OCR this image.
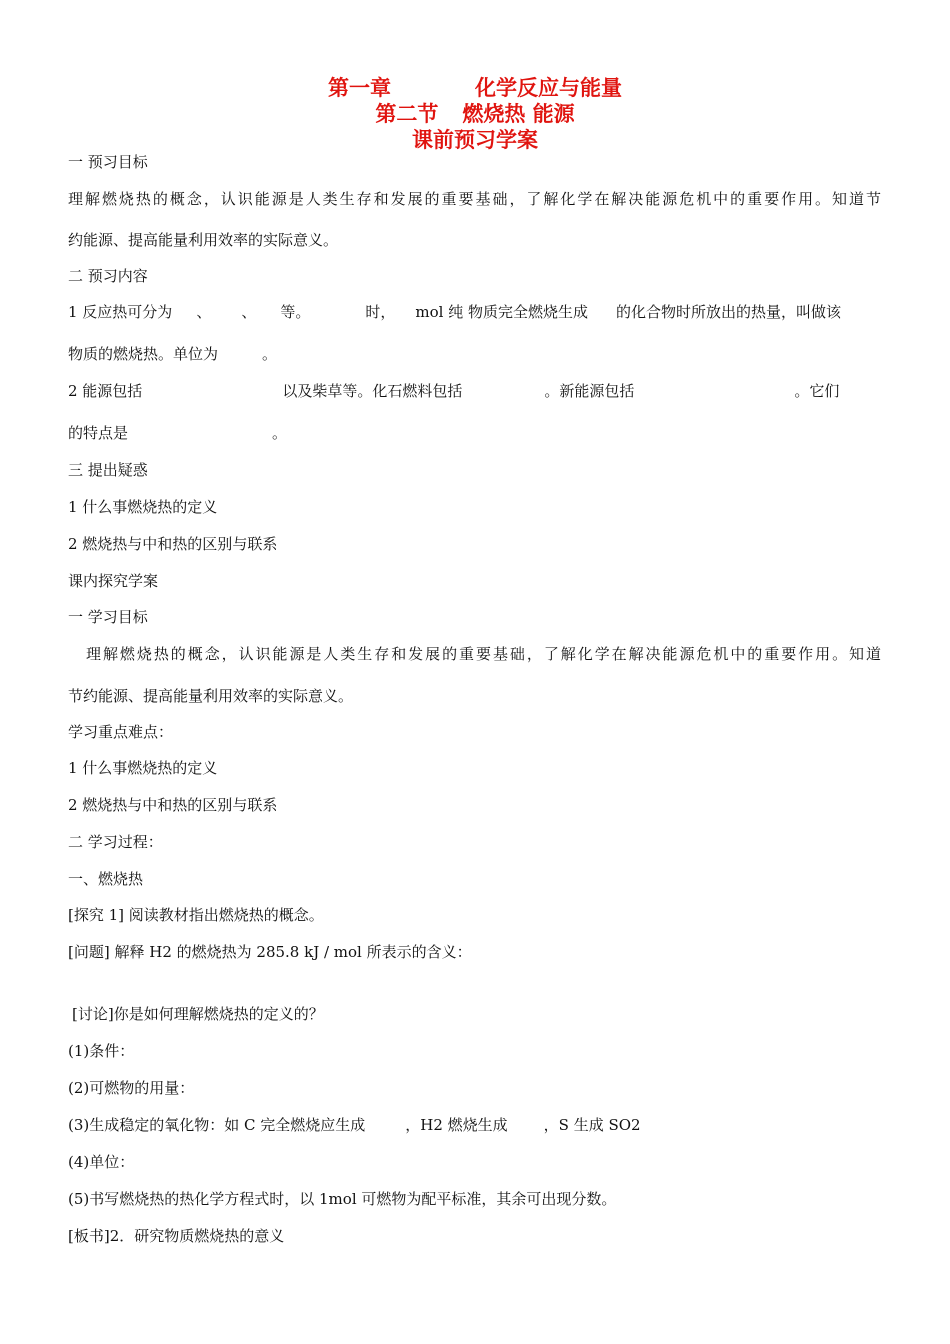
第一章	化学反应与能量
第二节 燃烧热 能源
课前预习学案
一 预习目标
理解燃烧热的概念，认识能源是人类生存和发展的重要基础，了解化学在解决能源危机中的重要作用。知道节
约能源、提高能量利用效率的实际意义。
二 预习内容
1 反应热可分为 、 、 等。	时， mol 纯 物质完全燃烧生成 的化合物时所放出的热量，叫做该
物质的燃烧热。单位为	。
2 能源包括	以及柴草等。化石燃料包括	。新能源包括	。它们
的特点是	。
三 提出疑惑
1 什么事燃烧热的定义
2 燃烧热与中和热的区别与联系
课内探究学案
一 学习目标
理解燃烧热的概念，认识能源是人类生存和发展的重要基础，了解化学在解决能源危机中的重要作用。知道
节约能源、提高能量利用效率的实际意义。
学习重点难点：
1 什么事燃烧热的定义
2 燃烧热与中和热的区别与联系
二 学习过程：
一、燃烧热
[探究 1] 阅读教材指出燃烧热的概念。
[问题] 解释 H2 的燃烧热为 285.8 kJ / mol 所表示的含义：
[讨论]你是如何理解燃烧热的定义的？
(1)条件：
(2)可燃物的用量：
(3)生成稳定的氧化物：如 C 完全燃烧应生成	，H2 燃烧生成 ，S 生成 SO2
(4)单位：
(5)书写燃烧热的热化学方程式时，以 1mol 可燃物为配平标准，其余可出现分数。
[板书]2．研究物质燃烧热的意义
